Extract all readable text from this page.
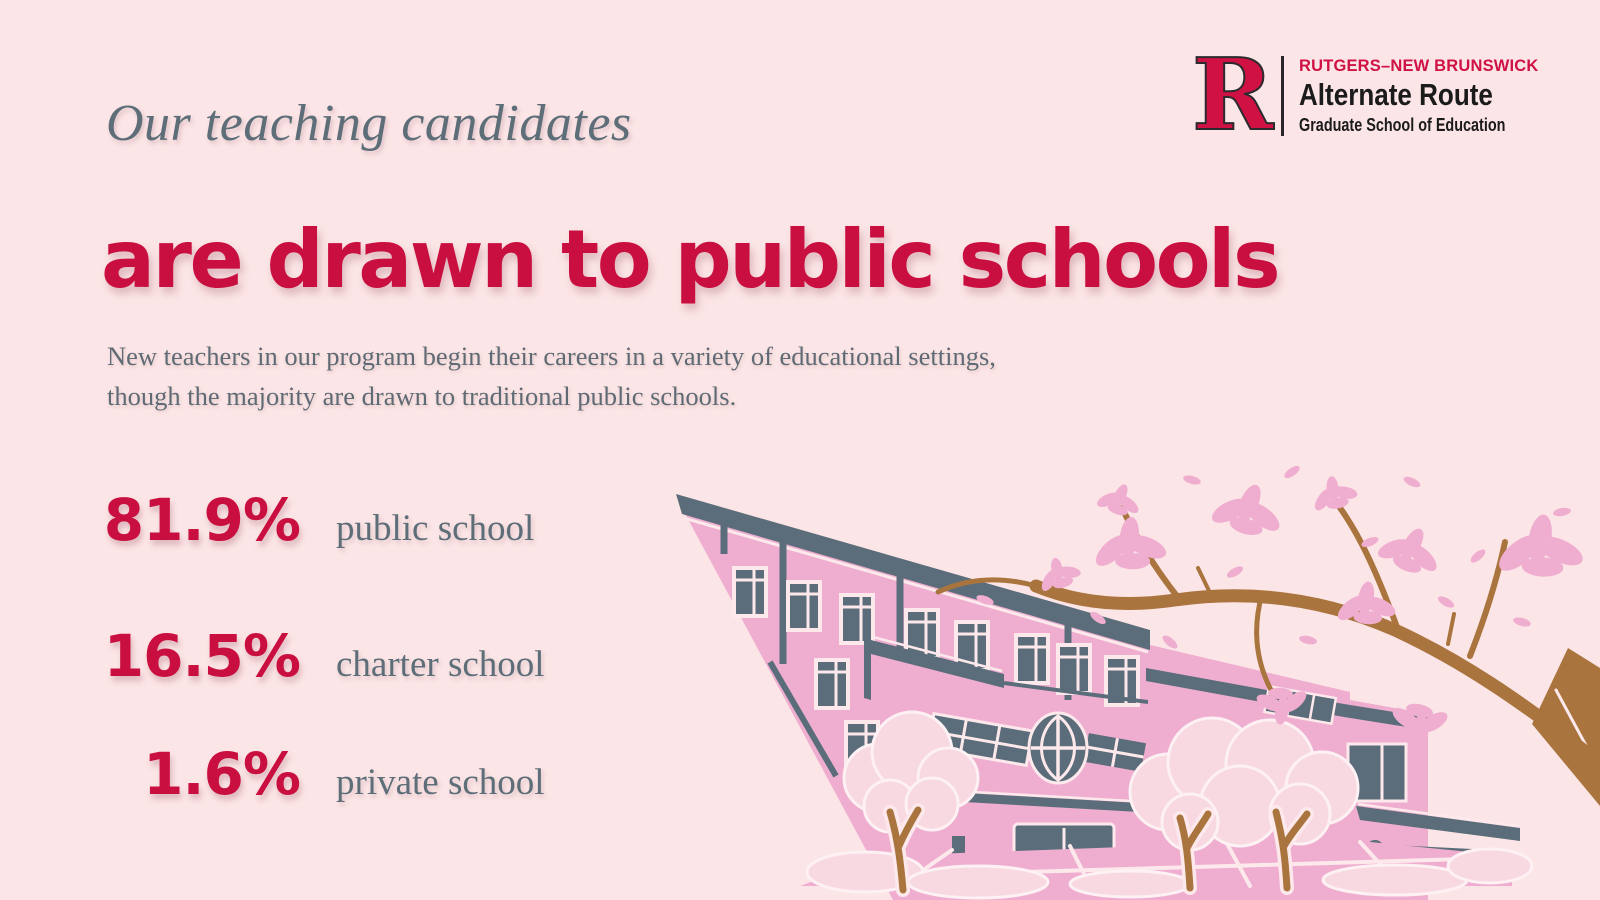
Our teaching candidates	R RUTGERS–NEW BRUNSWICK
Alternate Route
Graduate School of Education
are drawn to public schools

New teachers in our program begin their careers in a variety of educational settings,
though the majority are drawn to traditional public schools.

81.9% public school
16.5% charter school
1.6% private school
